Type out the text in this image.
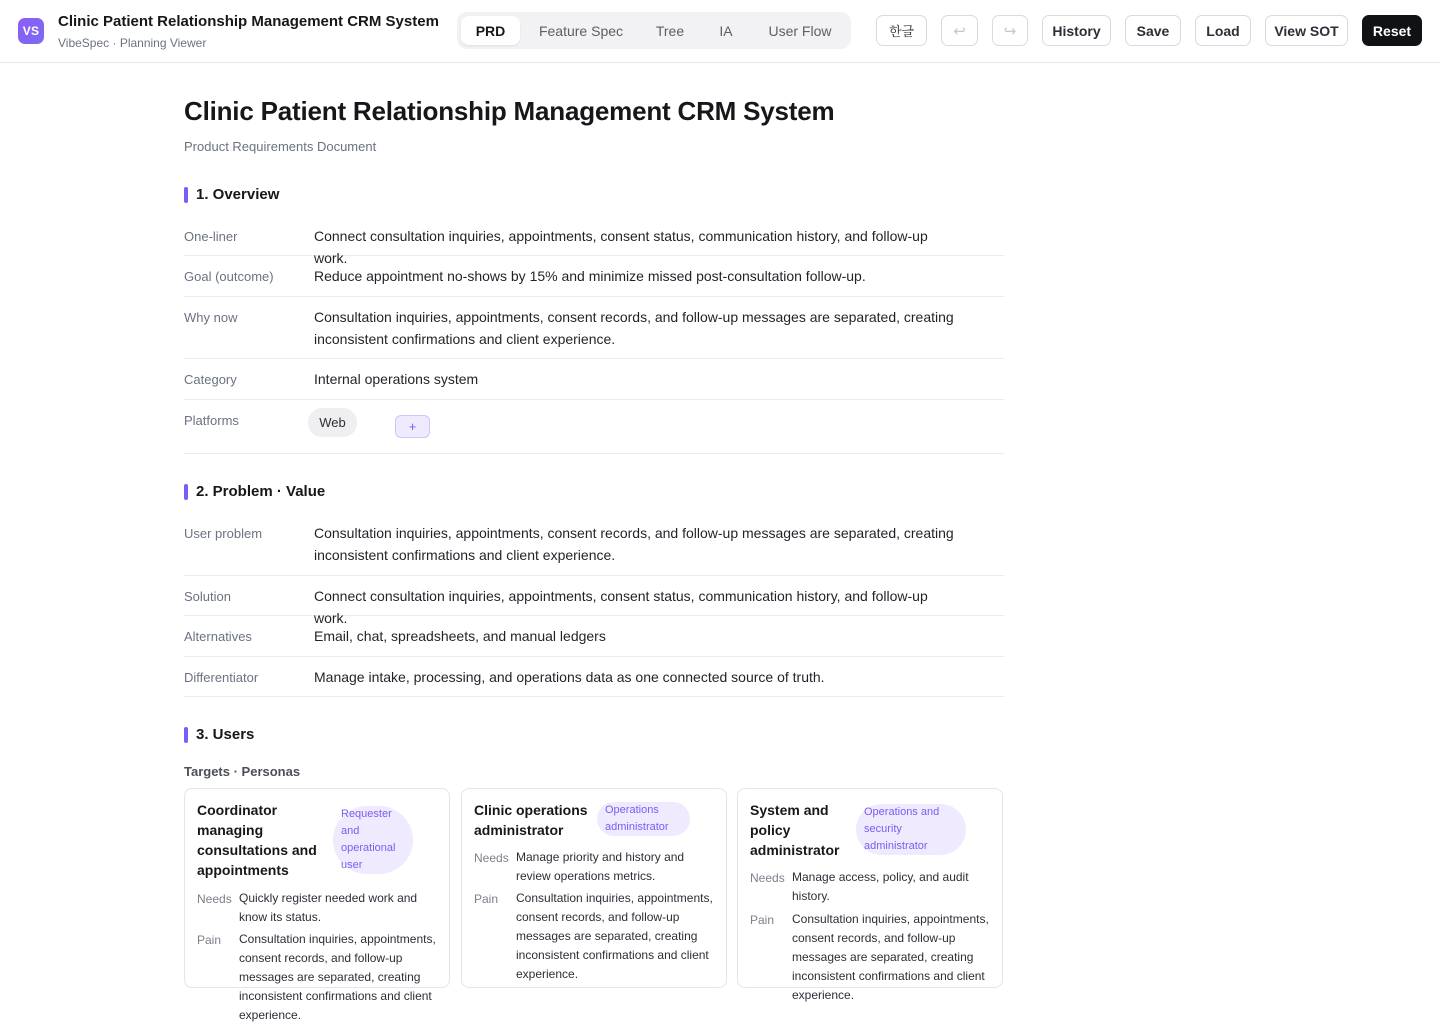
VS
Clinic Patient Relationship Management CRM System
VibeSpec · Planning Viewer
PRD	Feature Spec	Tree	IA	User Flow	한글	↩	↪	History	Save	Load	View SOT	Reset
Clinic Patient Relationship Management CRM System
Product Requirements Document
1. Overview
One-liner	Connect consultation inquiries, appointments, consent status, communication history, and follow-up work.
Goal (outcome)	Reduce appointment no-shows by 15% and minimize missed post-consultation follow-up.
Why now	Consultation inquiries, appointments, consent records, and follow-up messages are separated, creating inconsistent confirmations and client experience.
Category	Internal operations system
Platforms	Web	+
2. Problem · Value
User problem	Consultation inquiries, appointments, consent records, and follow-up messages are separated, creating inconsistent confirmations and client experience.
Solution	Connect consultation inquiries, appointments, consent status, communication history, and follow-up work.
Alternatives	Email, chat, spreadsheets, and manual ledgers
Differentiator	Manage intake, processing, and operations data as one connected source of truth.
3. Users
Targets · Personas
Coordinator managing consultations and appointments
Requester and operational user
Needs Quickly register needed work and know its status.
Pain Consultation inquiries, appointments, consent records, and follow-up messages are separated, creating inconsistent confirmations and client experience.
Clinic operations administrator
Operations administrator
Needs Manage priority and history and review operations metrics.
Pain Consultation inquiries, appointments, consent records, and follow-up messages are separated, creating inconsistent confirmations and client experience.
System and policy administrator
Operations and security administrator
Needs Manage access, policy, and audit history.
Pain Consultation inquiries, appointments, consent records, and follow-up messages are separated, creating inconsistent confirmations and client experience.
